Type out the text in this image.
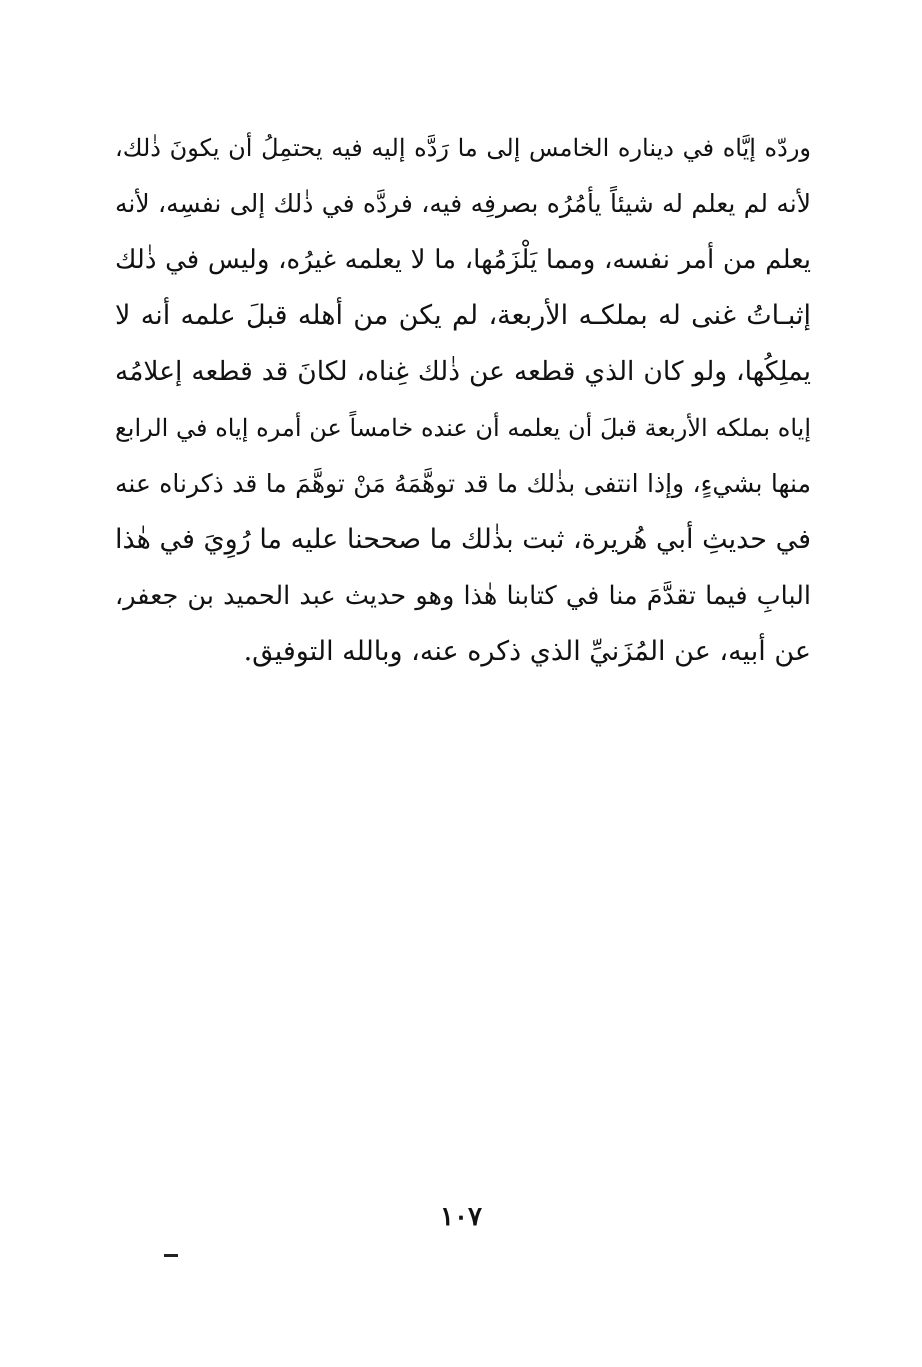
وردّه إيَّاه في ديناره الخامس إلى ما رَدَّه إليه فيه يحتمِلُ أن يكونَ ذٰلك،
لأنه لم يعلم له شيئاً يأمُرُه بصرفِه فيه، فردَّه في ذٰلك إلى نفسِه، لأنه
يعلم من أمر نفسه، ومما يَلْزَمُها، ما لا يعلمه غيرُه، وليس في ذٰلك
إثبـاتُ غنى له بملكـه الأربعة، لم يكن من أهله قبلَ علمه أنه لا
يملِكُها، ولو كان الذي قطعه عن ذٰلك غِناه، لكانَ قد قطعه إعلامُه
إياه بملكه الأربعة قبلَ أن يعلمه أن عنده خامساً عن أمره إياه في الرابع
منها بشيءٍ، وإذا انتفى بذٰلك ما قد توهَّمَهُ مَنْ توهَّمَ ما قد ذكرناه عنه
في حديثِ أبي هُريرة، ثبت بذٰلك ما صححنا عليه ما رُوِيَ في هٰذا
البابِ فيما تقدَّمَ منا في كتابنا هٰذا وهو حديث عبد الحميد بن جعفر،
عن أبيه، عن المُزَنيِّ الذي ذكره عنه، وبالله التوفيق.
١٠٧
